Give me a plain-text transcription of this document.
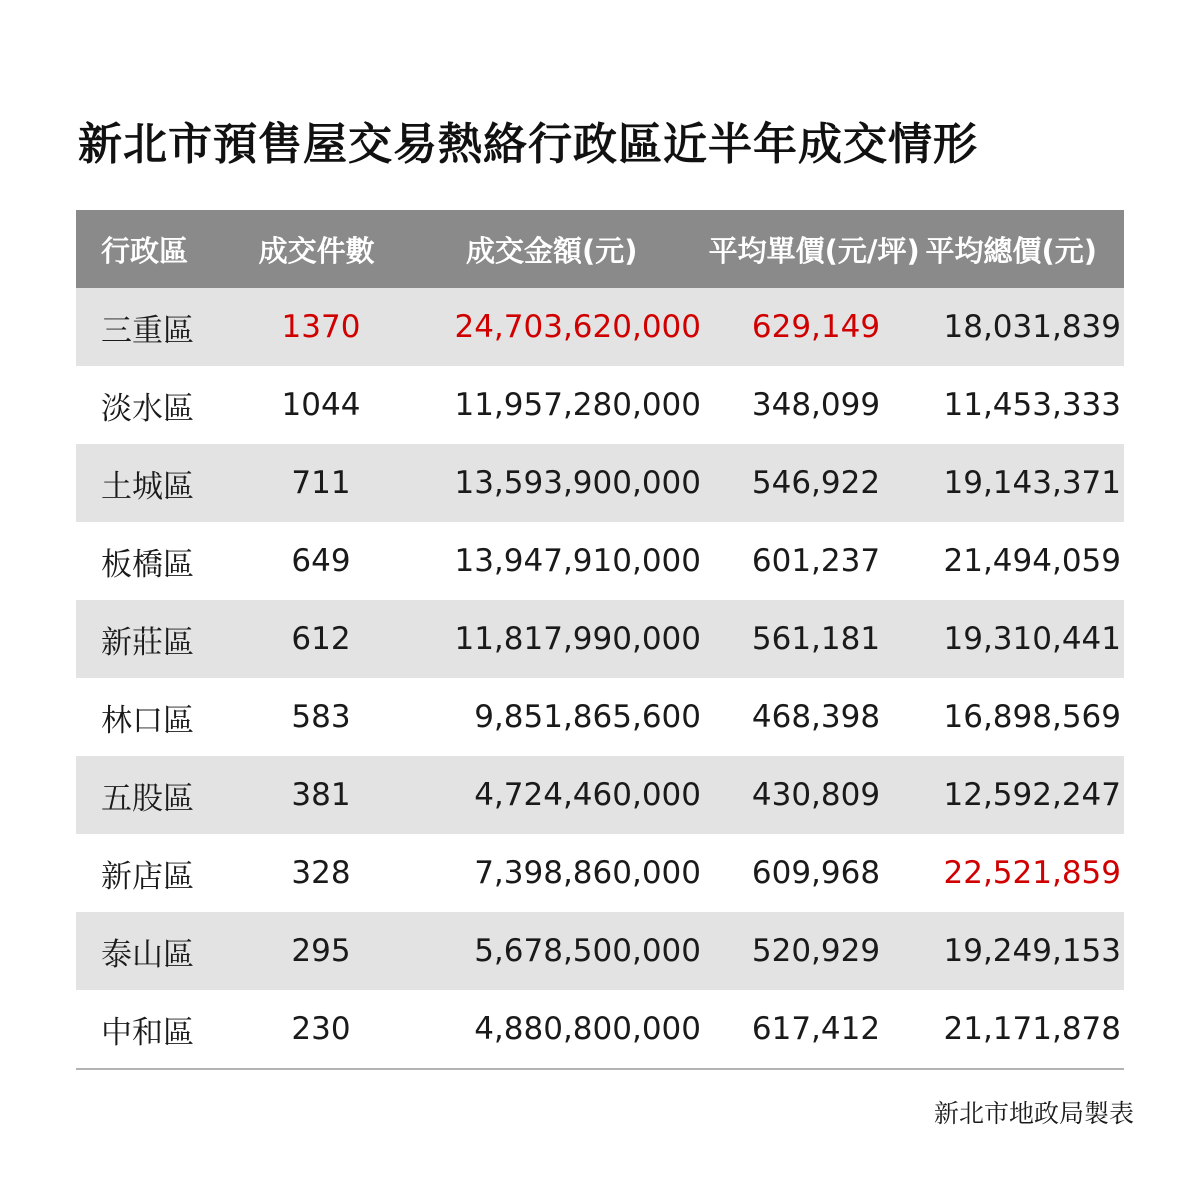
新北市預售屋交易熱絡行政區近半年成交情形
行政區	成交件數	成交金額(元)	平均單價(元/坪) 平均總價(元)
三重區	1370	24,703,620,000	629,149	18,031,839
淡水區	1044	11,957,280,000	348,099	11,453,333
土城區	711	13,593,900,000	546,922	19,143,371
板橋區	649	13,947,910,000	601,237	21,494,059
新莊區	612	11,817,990,000	561,181	19,310,441
林口區	583	9,851,865,600	468,398	16,898,569
五股區	381	4,724,460,000	430,809	12,592,247
新店區	328	7,398,860,000	609,968	22,521,859
泰山區	295	5,678,500,000	520,929	19,249,153
中和區	230	4,880,800,000	617,412	21,171,878
新北市地政局製表
